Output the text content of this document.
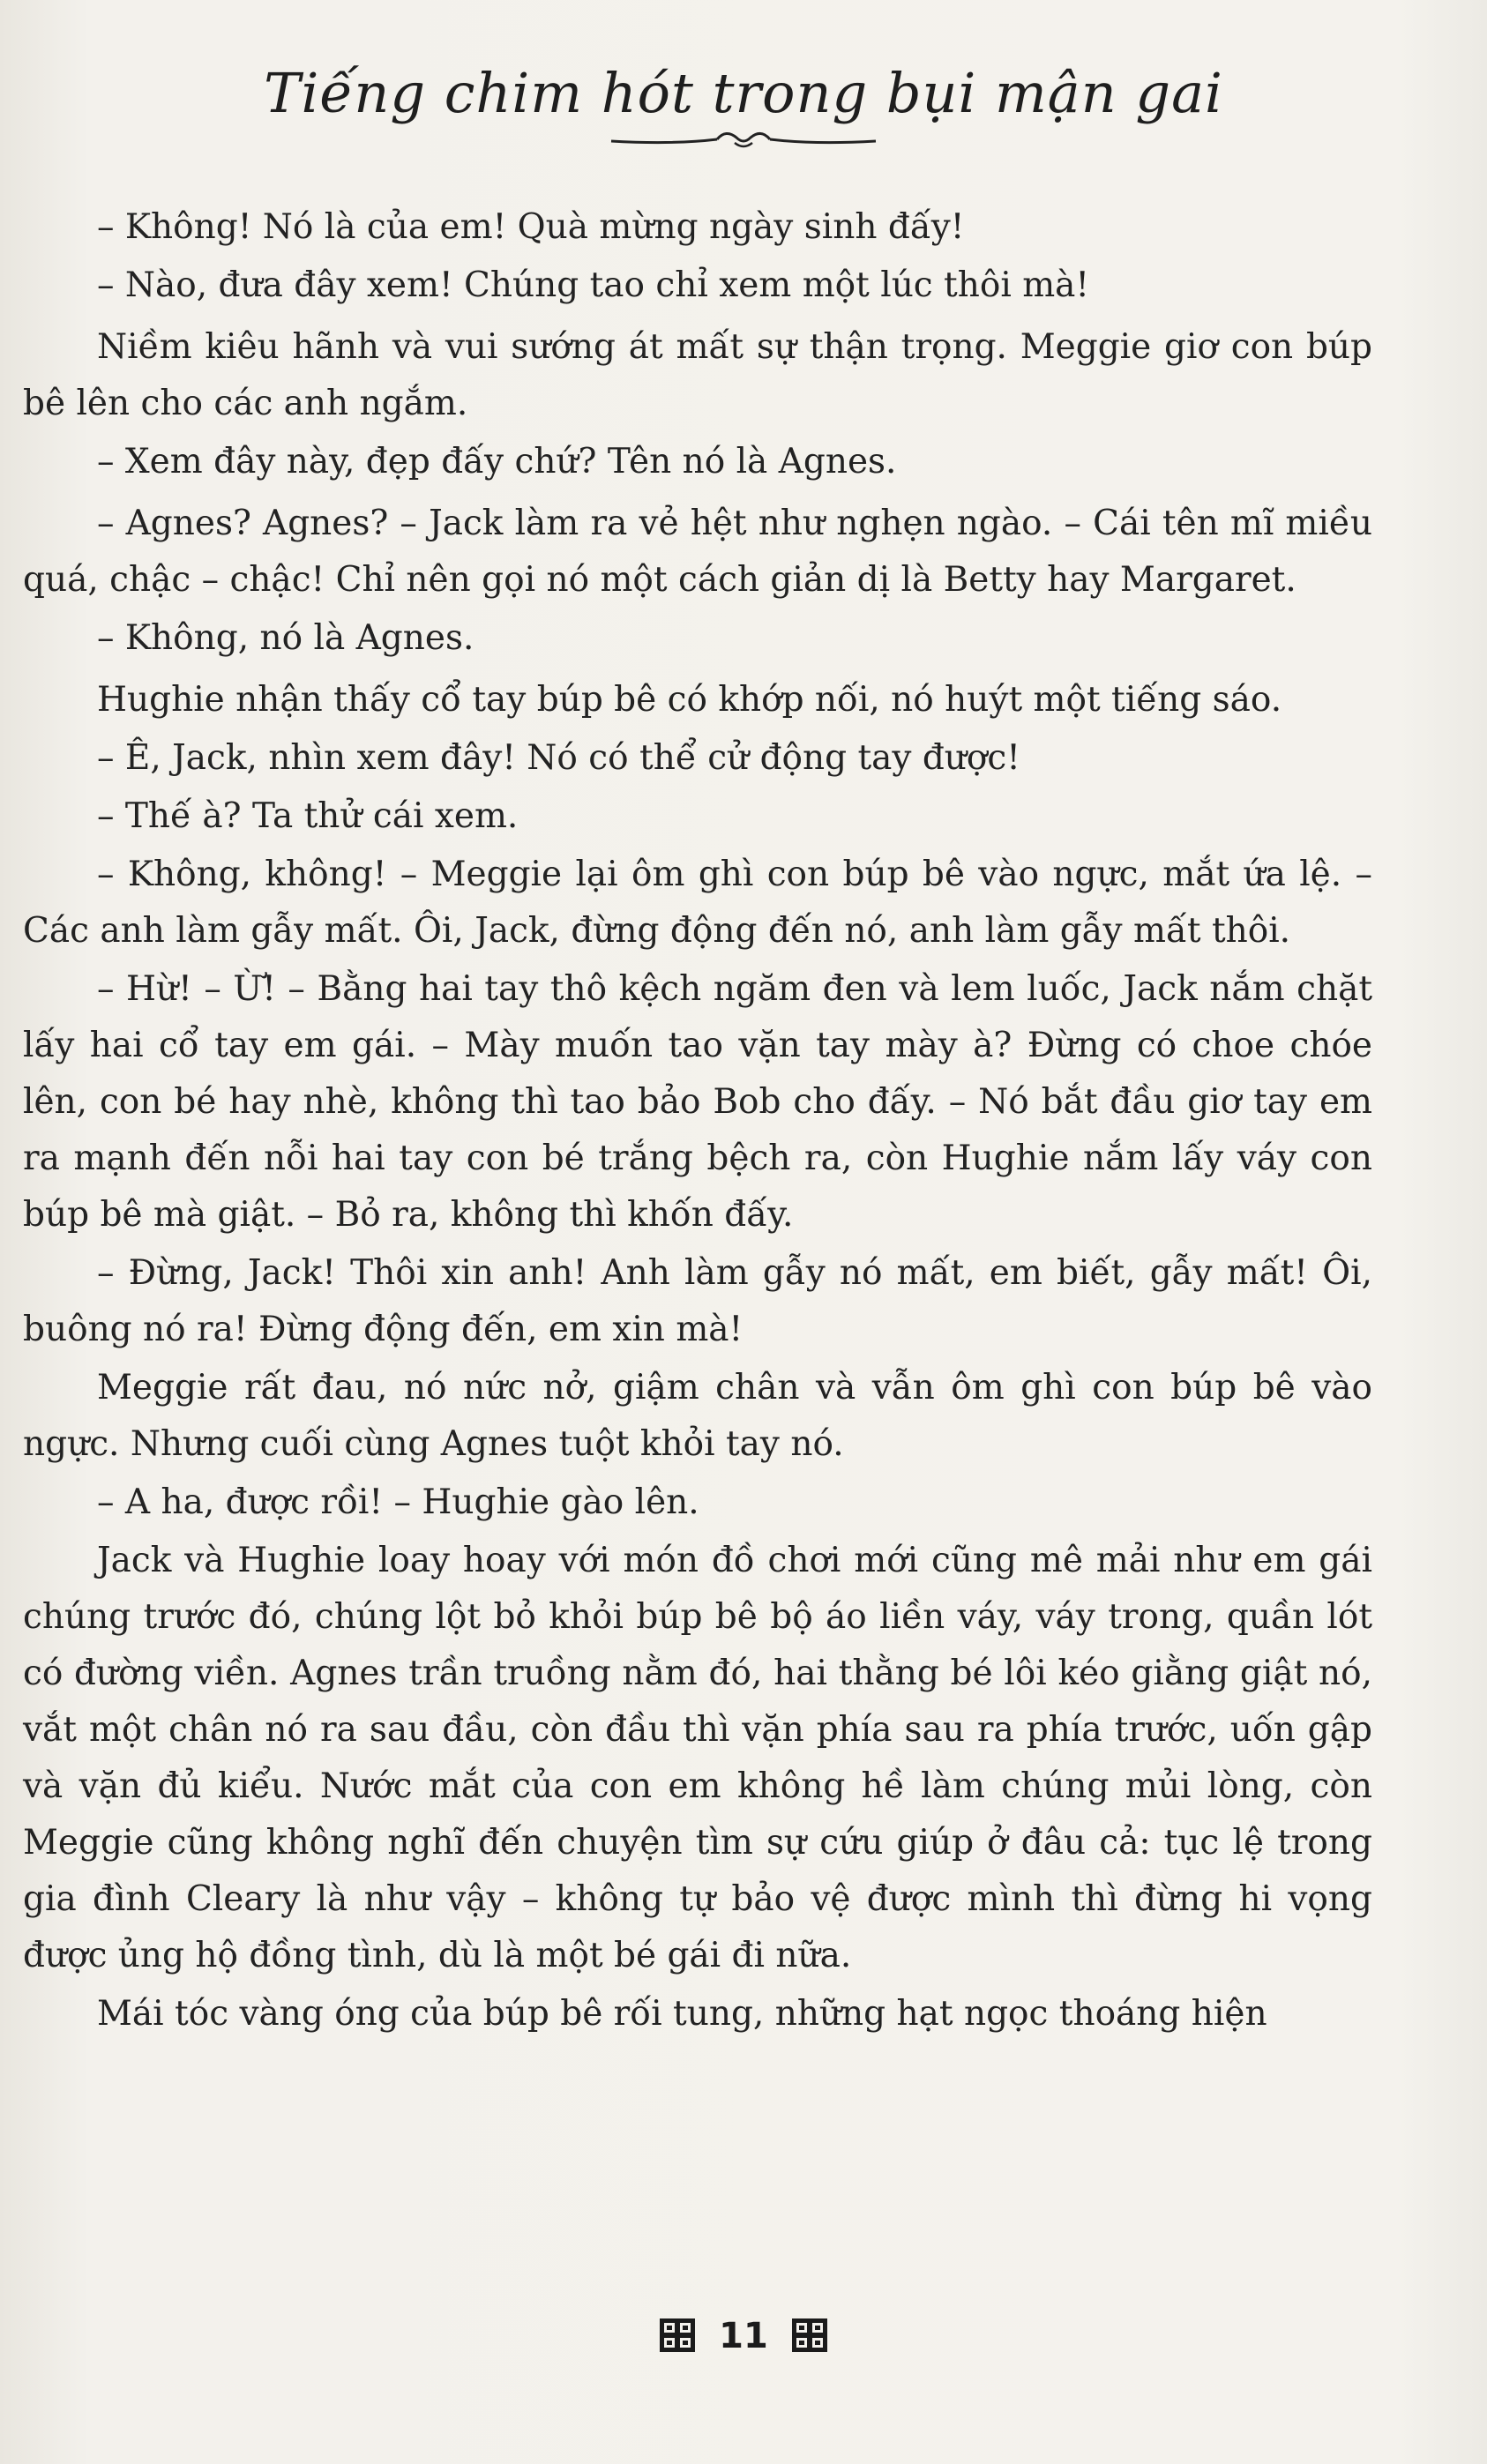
Tiếng chim hót trong bụi mận gai

– Không! Nó là của em! Quà mừng ngày sinh đấy!

– Nào, đưa đây xem! Chúng tao chỉ xem một lúc thôi mà!

Niềm kiêu hãnh và vui sướng át mất sự thận trọng. Meggie giơ con búp bê lên cho các anh ngắm.

– Xem đây này, đẹp đấy chứ? Tên nó là Agnes.

– Agnes? Agnes? – Jack làm ra vẻ hệt như nghẹn ngào. – Cái tên mĩ miều quá, chậc – chậc! Chỉ nên gọi nó một cách giản dị là Betty hay Margaret.

– Không, nó là Agnes.

Hughie nhận thấy cổ tay búp bê có khớp nối, nó huýt một tiếng sáo.

– Ê, Jack, nhìn xem đây! Nó có thể cử động tay được!

– Thế à? Ta thử cái xem.

– Không, không! – Meggie lại ôm ghì con búp bê vào ngực, mắt ứa lệ. – Các anh làm gẫy mất. Ôi, Jack, đừng động đến nó, anh làm gẫy mất thôi.

– Hừ! – Ừ! – Bằng hai tay thô kệch ngăm đen và lem luốc, Jack nắm chặt lấy hai cổ tay em gái. – Mày muốn tao vặn tay mày à? Đừng có choe chóe lên, con bé hay nhè, không thì tao bảo Bob cho đấy. – Nó bắt đầu giơ tay em ra mạnh đến nỗi hai tay con bé trắng bệch ra, còn Hughie nắm lấy váy con búp bê mà giật. – Bỏ ra, không thì khốn đấy.

– Đừng, Jack! Thôi xin anh! Anh làm gẫy nó mất, em biết, gẫy mất! Ôi, buông nó ra! Đừng động đến, em xin mà!

Meggie rất đau, nó nức nở, giậm chân và vẫn ôm ghì con búp bê vào ngực. Nhưng cuối cùng Agnes tuột khỏi tay nó.

– A ha, được rồi! – Hughie gào lên.

Jack và Hughie loay hoay với món đồ chơi mới cũng mê mải như em gái chúng trước đó, chúng lột bỏ khỏi búp bê bộ áo liền váy, váy trong, quần lót có đường viền. Agnes trần truồng nằm đó, hai thằng bé lôi kéo giằng giật nó, vắt một chân nó ra sau đầu, còn đầu thì vặn phía sau ra phía trước, uốn gập và vặn đủ kiểu. Nước mắt của con em không hề làm chúng mủi lòng, còn Meggie cũng không nghĩ đến chuyện tìm sự cứu giúp ở đâu cả: tục lệ trong gia đình Cleary là như vậy – không tự bảo vệ được mình thì đừng hi vọng được ủng hộ đồng tình, dù là một bé gái đi nữa.

Mái tóc vàng óng của búp bê rối tung, những hạt ngọc thoáng hiện

11
